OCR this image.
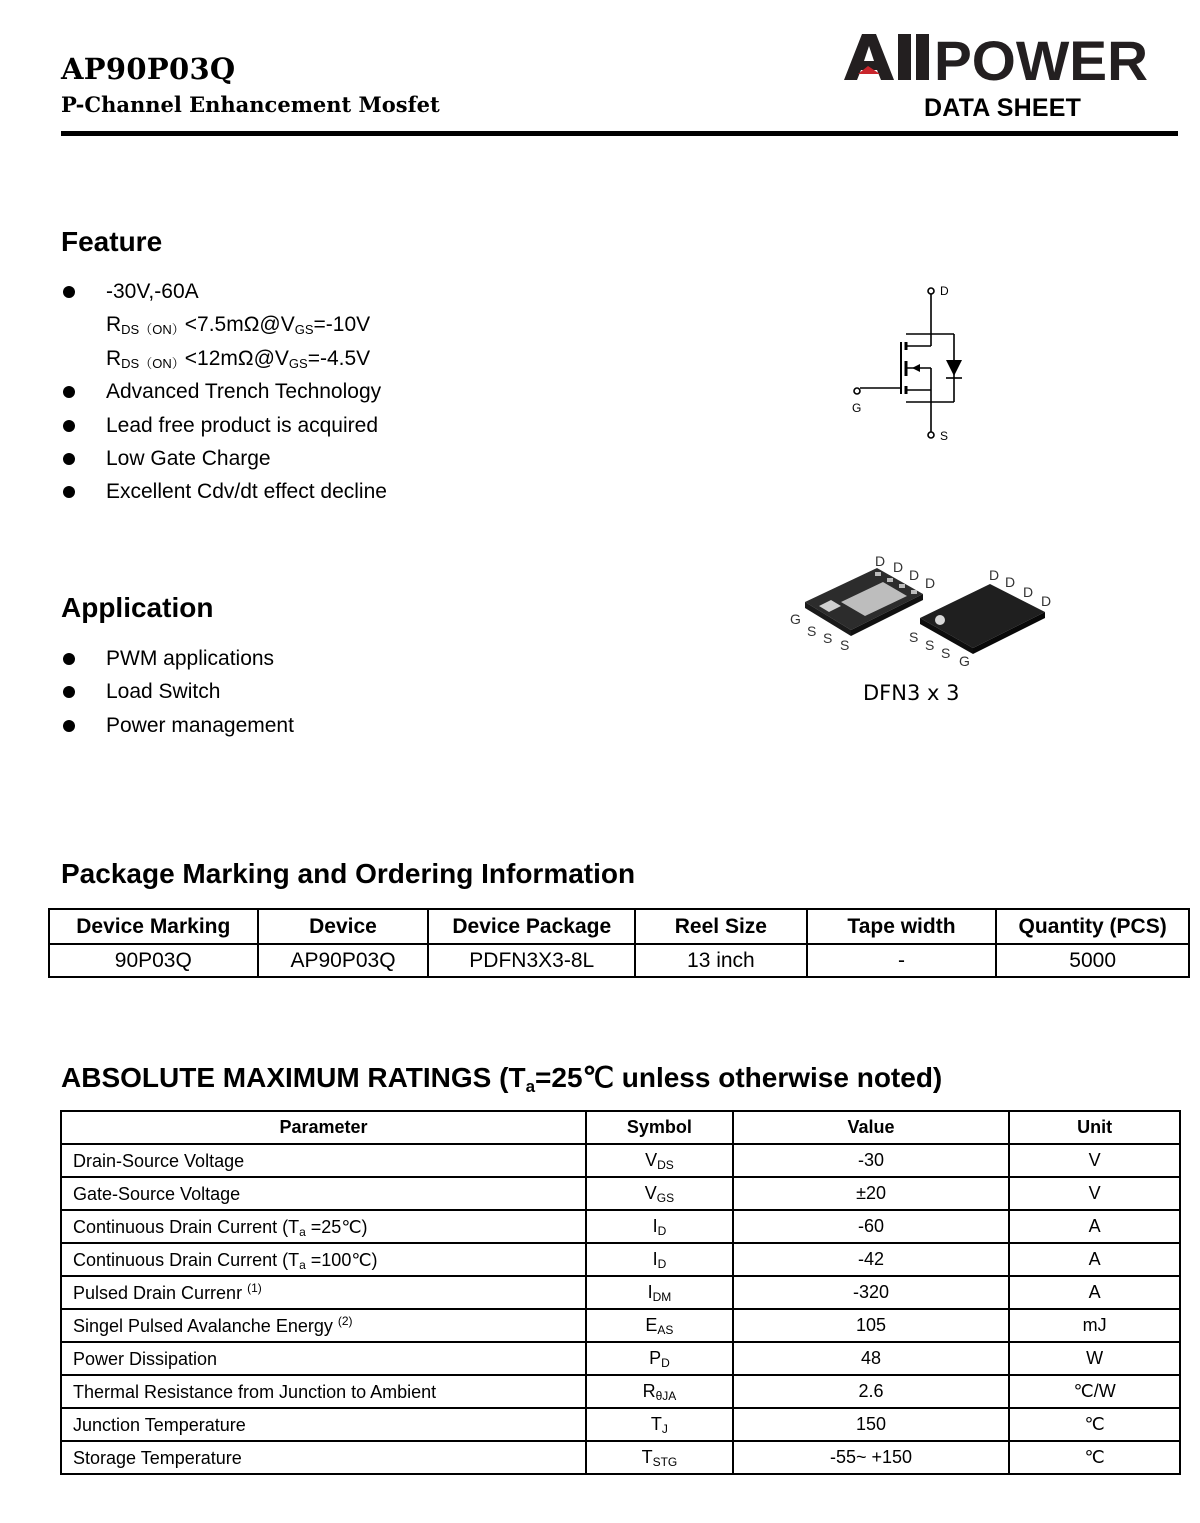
AP90P03Q
P-Channel Enhancement Mosfet
POWER
DATA SHEET
Feature
-30V,-60A
$R_{DS}(ON)<7.5m\Omega@V_{GS}=-10V$
$R_{DS}(ON)<12m\Omega@V_{GS}=-4.5V$
Advanced Trench Technology
Lead free product is acquired
Low Gate Charge
Excellent Cdv/dt effect decline
D
G
S
Application
PWM applications
Load Switch
Power management
D D D D	D D
D
D
G
S S S	S S S G
DFN3 x 3
Package Marking and Ordering Information
Device Marking	Device	Device Package	Reel Size	Tape width	Quantity (PCS)
90P03Q	AP90P03Q	PDFN3X3-8L	13 inch	-	5000
ABSOLUTE MAXIMUM RATINGS ($T_a=25℃$ unless otherwise noted)
Parameter	Symbol	Value	Unit
Drain-Source Voltage	$V_{DS}$	-30	V
Gate-Source Voltage	$V_{GS}$	±20	V
Continuous Drain Current ($T_a$ =25℃)	$I_D$	-60	A
Continuous Drain Current ($T_a$ =100℃)	$I_D$	-42	A
Pulsed Drain Currenr $^{(1)}$	$I_{DM}$	-320	A
Singel Pulsed Avalanche Energy $^{(2)}$	$E_{AS}$	105	mJ
Power Dissipation	$P_D$	48	W
Thermal Resistance from Junction to Ambient	$R_{\theta JA}$	2.6	℃/W
Junction Temperature	$T_J$	150	℃
Storage Temperature	$T_{STG}$	-55~ +150	℃
